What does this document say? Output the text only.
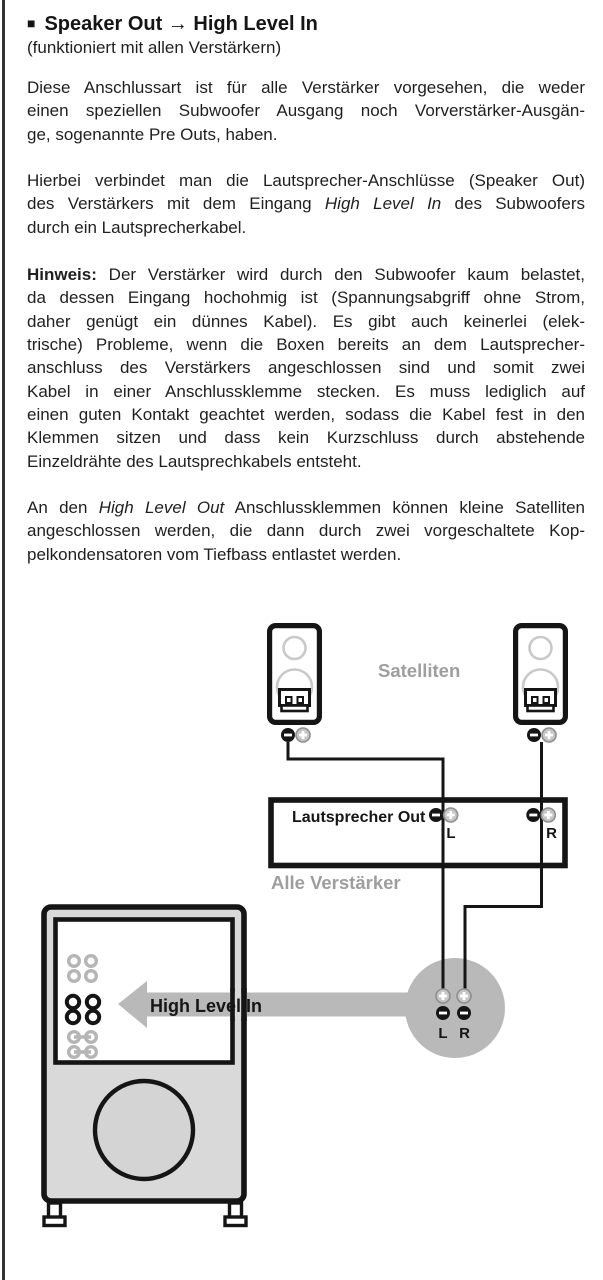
■ Speaker Out → High Level In
(funktioniert mit allen Verstärkern)
Diese Anschlussart ist für alle Verstärker vorgesehen, die weder
einen speziellen Subwoofer Ausgang noch Vorverstärker-Ausgän-
ge, sogenannte Pre Outs, haben.
Hierbei verbindet man die Lautsprecher-Anschlüsse (Speaker Out)
des Verstärkers mit dem Eingang High Level In des Subwoofers
durch ein Lautsprecherkabel.
Hinweis: Der Verstärker wird durch den Subwoofer kaum belastet,
da dessen Eingang hochohmig ist (Spannungsabgriff ohne Strom,
daher genügt ein dünnes Kabel). Es gibt auch keinerlei (elek-
trische) Probleme, wenn die Boxen bereits an dem Lautsprecher-
anschluss des Verstärkers angeschlossen sind und somit zwei
Kabel in einer Anschlussklemme stecken. Es muss lediglich auf
einen guten Kontakt geachtet werden, sodass die Kabel fest in den
Klemmen sitzen und dass kein Kurzschluss durch abstehende
Einzeldrähte des Lautsprechkabels entsteht.
An den High Level Out Anschlussklemmen können kleine Satelliten
angeschlossen werden, die dann durch zwei vorgeschaltete Kop-
pelkondensatoren vom Tiefbass entlastet werden.
Satelliten
Lautsprecher Out
Alle Verstärker
High Level In
L	R
L R
